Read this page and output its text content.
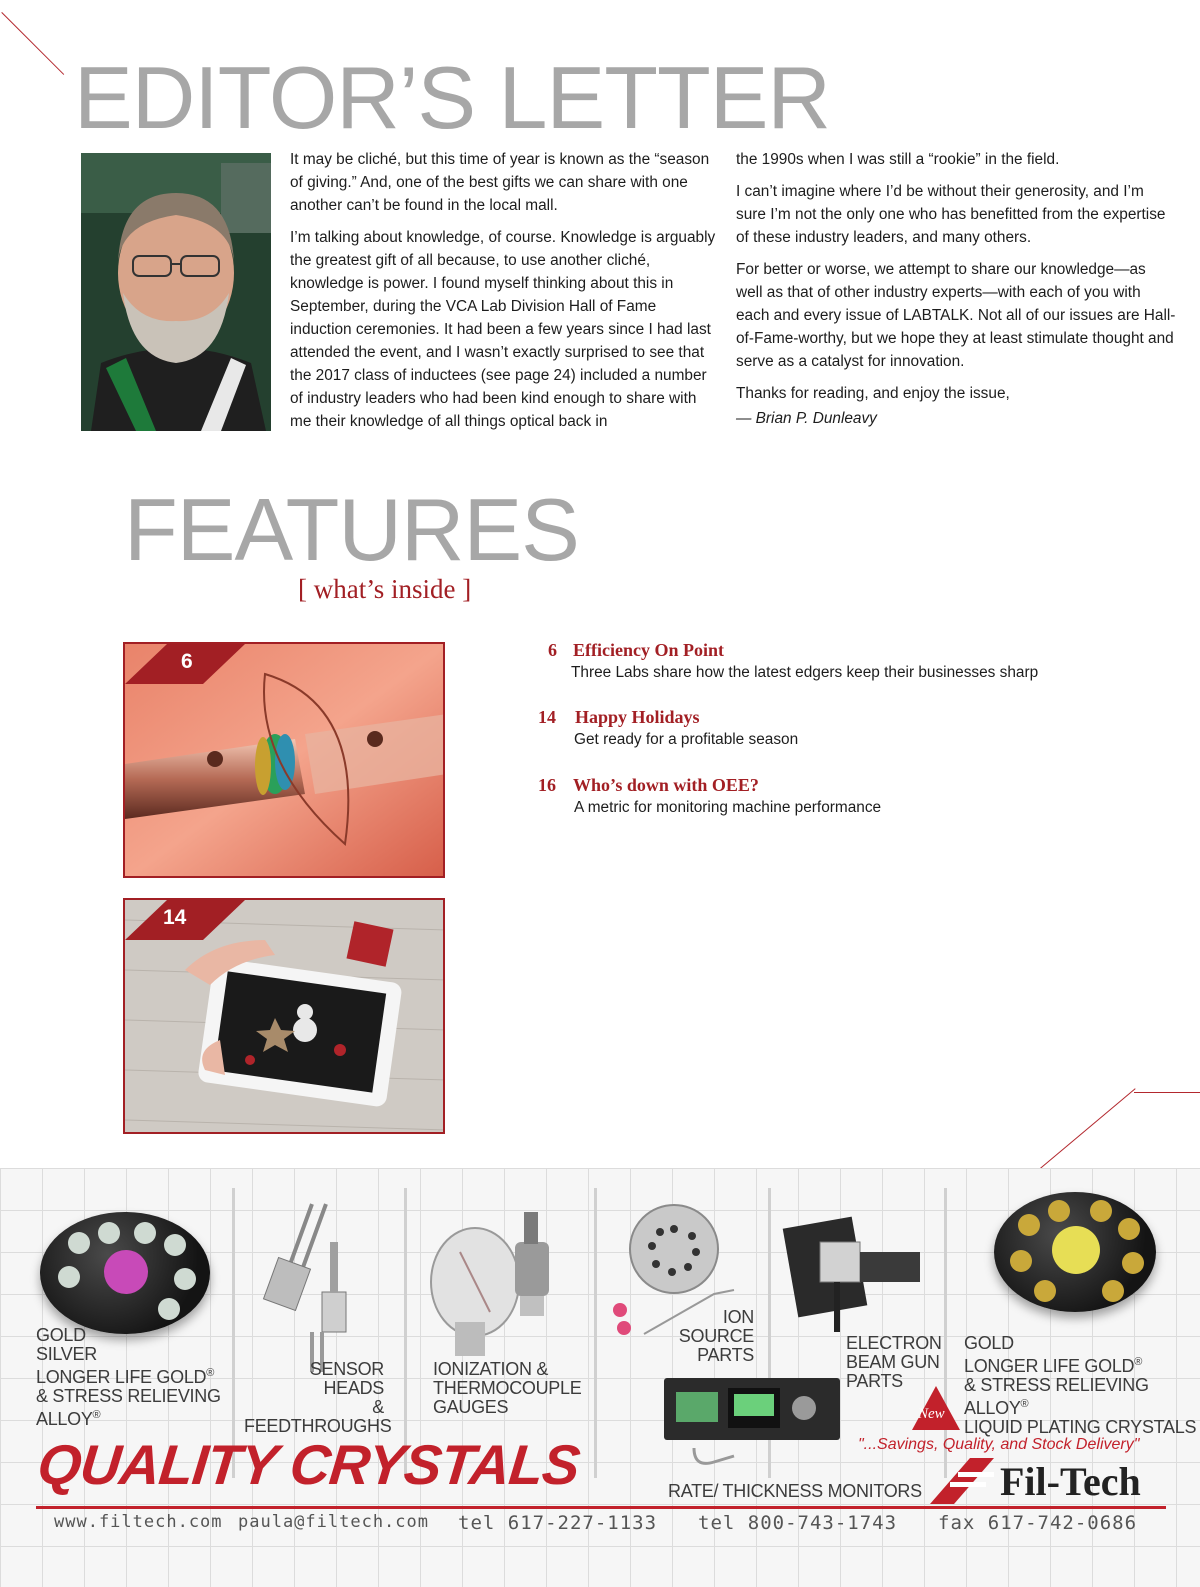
EDITOR’S LETTER

It may be cliché, but this time of year is known as the “season of giving.” And, one of the best gifts we can share with one another can’t be found in the local mall.

I’m talking about knowledge, of course. Knowledge is arguably the greatest gift of all because, to use another cliché, knowledge is power. I found myself thinking about this in September, during the VCA Lab Division Hall of Fame induction ceremonies. It had been a few years since I had last attended the event, and I wasn’t exactly surprised to see that the 2017 class of inductees (see page 24) included a number of industry leaders who had been kind enough to share with me their knowledge of all things optical back in

the 1990s when I was still a “rookie” in the field.

I can’t imagine where I’d be without their generosity, and I’m sure I’m not the only one who has benefitted from the expertise of these industry leaders, and many others.

For better or worse, we attempt to share our knowledge—as well as that of other industry experts—with each of you with each and every issue of LABTALK. Not all of our issues are Hall-of-Fame-worthy, but we hope they at least stimulate thought and serve as a catalyst for innovation.

Thanks for reading, and enjoy the issue,

— Brian P. Dunleavy

FEATURES
[ what’s inside ]
6
14
6 Efficiency On Point
Three Labs share how the latest edgers keep their businesses sharp
14 Happy Holidays
Get ready for a profitable season
16 Who’s down with OEE?
A metric for monitoring machine performance
GOLD
SILVER
LONGER LIFE GOLD®
& STRESS RELIEVING
ALLOY®
SENSOR
HEADS
& FEEDTHROUGHS
IONIZATION &
THERMOCOUPLE
GAUGES
ION
SOURCE
PARTS
ELECTRON
BEAM GUN
PARTS
GOLD
LONGER LIFE GOLD®
& STRESS RELIEVING
ALLOY®
LIQUID PLATING CRYSTALS
RATE/ THICKNESS MONITORS
New
QUALITY CRYSTALS	"...Savings, Quality, and Stock Delivery"
Fil-Tech
www.filtech.com paula@filtech.com tel 617-227-1133 tel 800-743-1743 fax 617-742-0686
